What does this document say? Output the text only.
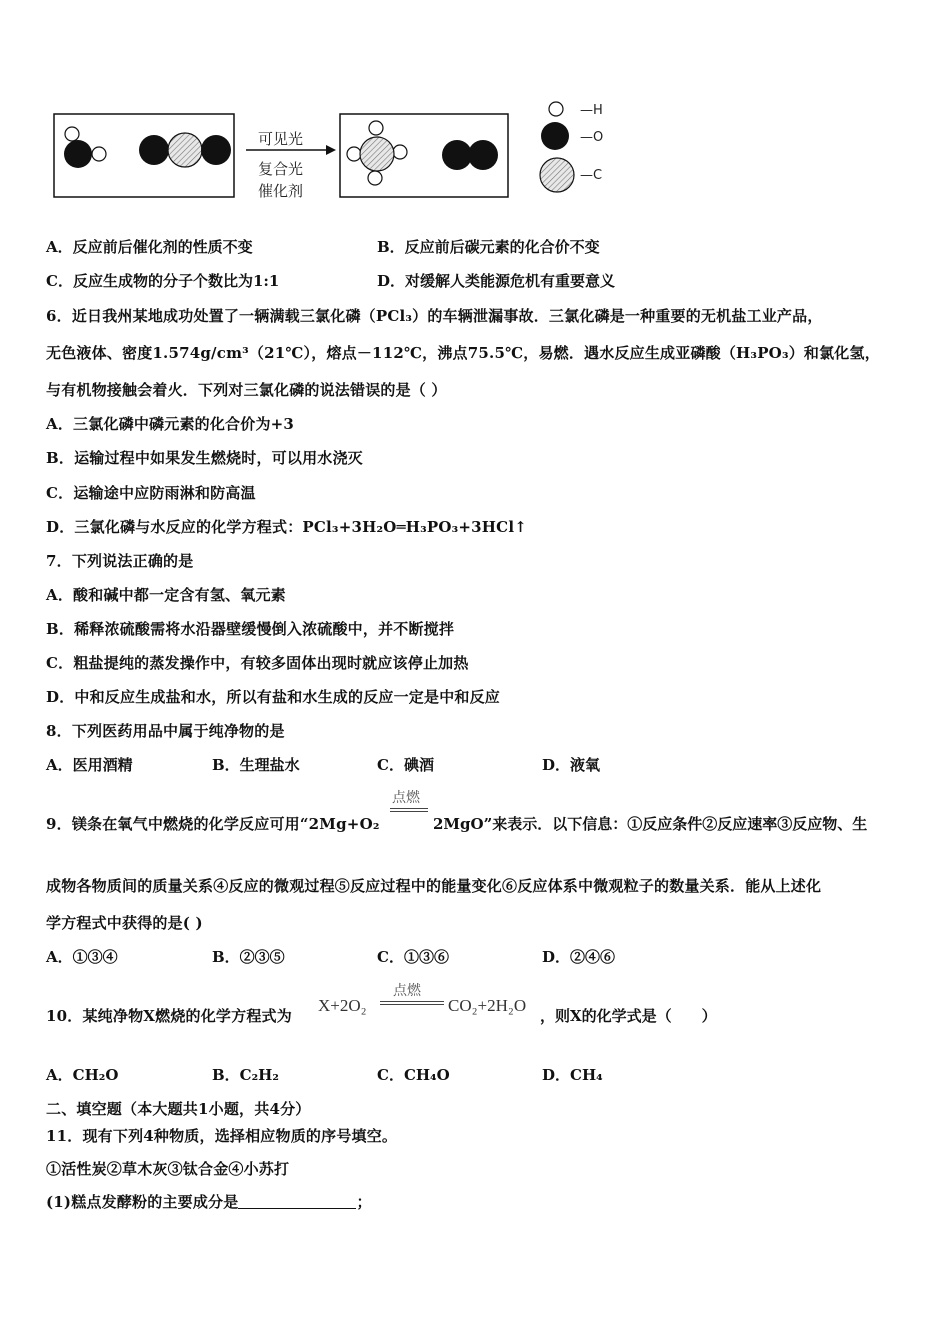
可见光
复合光
催化剂
—H
—O
—C
A．反应前后催化剂的性质不变	B．反应前后碳元素的化合价不变
C．反应生成物的分子个数比为1:1	D．对缓解人类能源危机有重要意义
6．近日我州某地成功处置了一辆满载三氯化磷（PCl₃）的车辆泄漏事故．三氯化磷是一种重要的无机盐工业产品，
无色液体、密度1.574g/cm³（21℃），熔点－112℃，沸点75.5℃，易燃．遇水反应生成亚磷酸（H₃PO₃）和氯化氢，
与有机物接触会着火．下列对三氯化磷的说法错误的是（ ）
A．三氯化磷中磷元素的化合价为+3
B．运输过程中如果发生燃烧时，可以用水浇灭
C．运输途中应防雨淋和防高温
D．三氯化磷与水反应的化学方程式：PCl₃+3H₂O═H₃PO₃+3HCl↑
7．下列说法正确的是
A．酸和碱中都一定含有氢、氧元素
B．稀释浓硫酸需将水沿器壁缓慢倒入浓硫酸中，并不断搅拌
C．粗盐提纯的蒸发操作中，有较多固体出现时就应该停止加热
D．中和反应生成盐和水，所以有盐和水生成的反应一定是中和反应
8．下列医药用品中属于纯净物的是
A．医用酒精	B．生理盐水	C．碘酒	D．液氧
9．镁条在氧气中燃烧的化学反应可用“2Mg+O₂
点燃
2MgO”来表示．以下信息：①反应条件②反应速率③反应物、生
成物各物质间的质量关系④反应的微观过程⑤反应过程中的能量变化⑥反应体系中微观粒子的数量关系．能从上述化
学方程式中获得的是( )
A．①③④	B．②③⑤	C．①③⑥	D．②④⑥
10．某纯净物X燃烧的化学方程式为
X+2O₂
点燃
CO₂+2H₂O
，则X的化学式是（　　）
A．CH₂O	B．C₂H₂	C．CH₄O	D．CH₄
二、填空题（本大题共1小题，共4分）
11．现有下列4种物质，选择相应物质的序号填空。
①活性炭②草木灰③钛合金④小苏打
(1)糕点发酵粉的主要成分是	；
